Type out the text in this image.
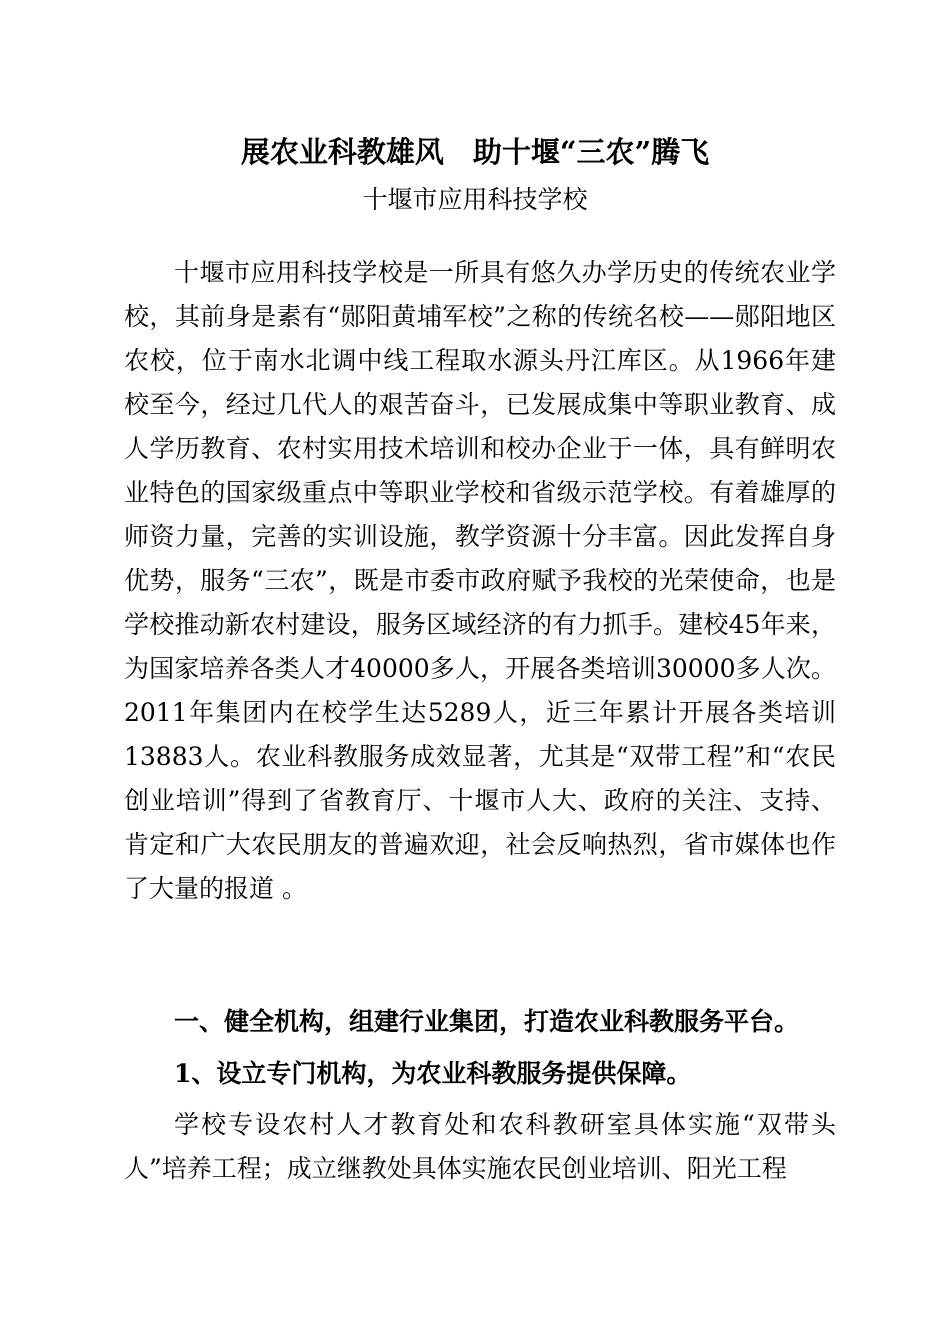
展农业科教雄风　助十堰“三农”腾飞
十堰市应用科技学校

十堰市应用科技学校是一所具有悠久办学历史的传统农业学校，其前身是素有“郧阳黄埔军校”之称的传统名校——郧阳地区农校，位于南水北调中线工程取水源头丹江库区。从1966年建校至今，经过几代人的艰苦奋斗，已发展成集中等职业教育、成人学历教育、农村实用技术培训和校办企业于一体，具有鲜明农业特色的国家级重点中等职业学校和省级示范学校。有着雄厚的师资力量，完善的实训设施，教学资源十分丰富。因此发挥自身优势，服务“三农”，既是市委市政府赋予我校的光荣使命，也是学校推动新农村建设，服务区域经济的有力抓手。建校45年来，为国家培养各类人才40000多人，开展各类培训30000多人次。2011年集团内在校学生达5289人，近三年累计开展各类培训13883人。农业科教服务成效显著，尤其是“双带工程”和“农民创业培训”得到了省教育厅、十堰市人大、政府的关注、支持、肯定和广大农民朋友的普遍欢迎，社会反响热烈，省市媒体也作了大量的报道 。

一、健全机构，组建行业集团，打造农业科教服务平台。

1、设立专门机构，为农业科教服务提供保障。

学校专设农村人才教育处和农科教研室具体实施“双带头人”培养工程；成立继教处具体实施农民创业培训、阳光工程
